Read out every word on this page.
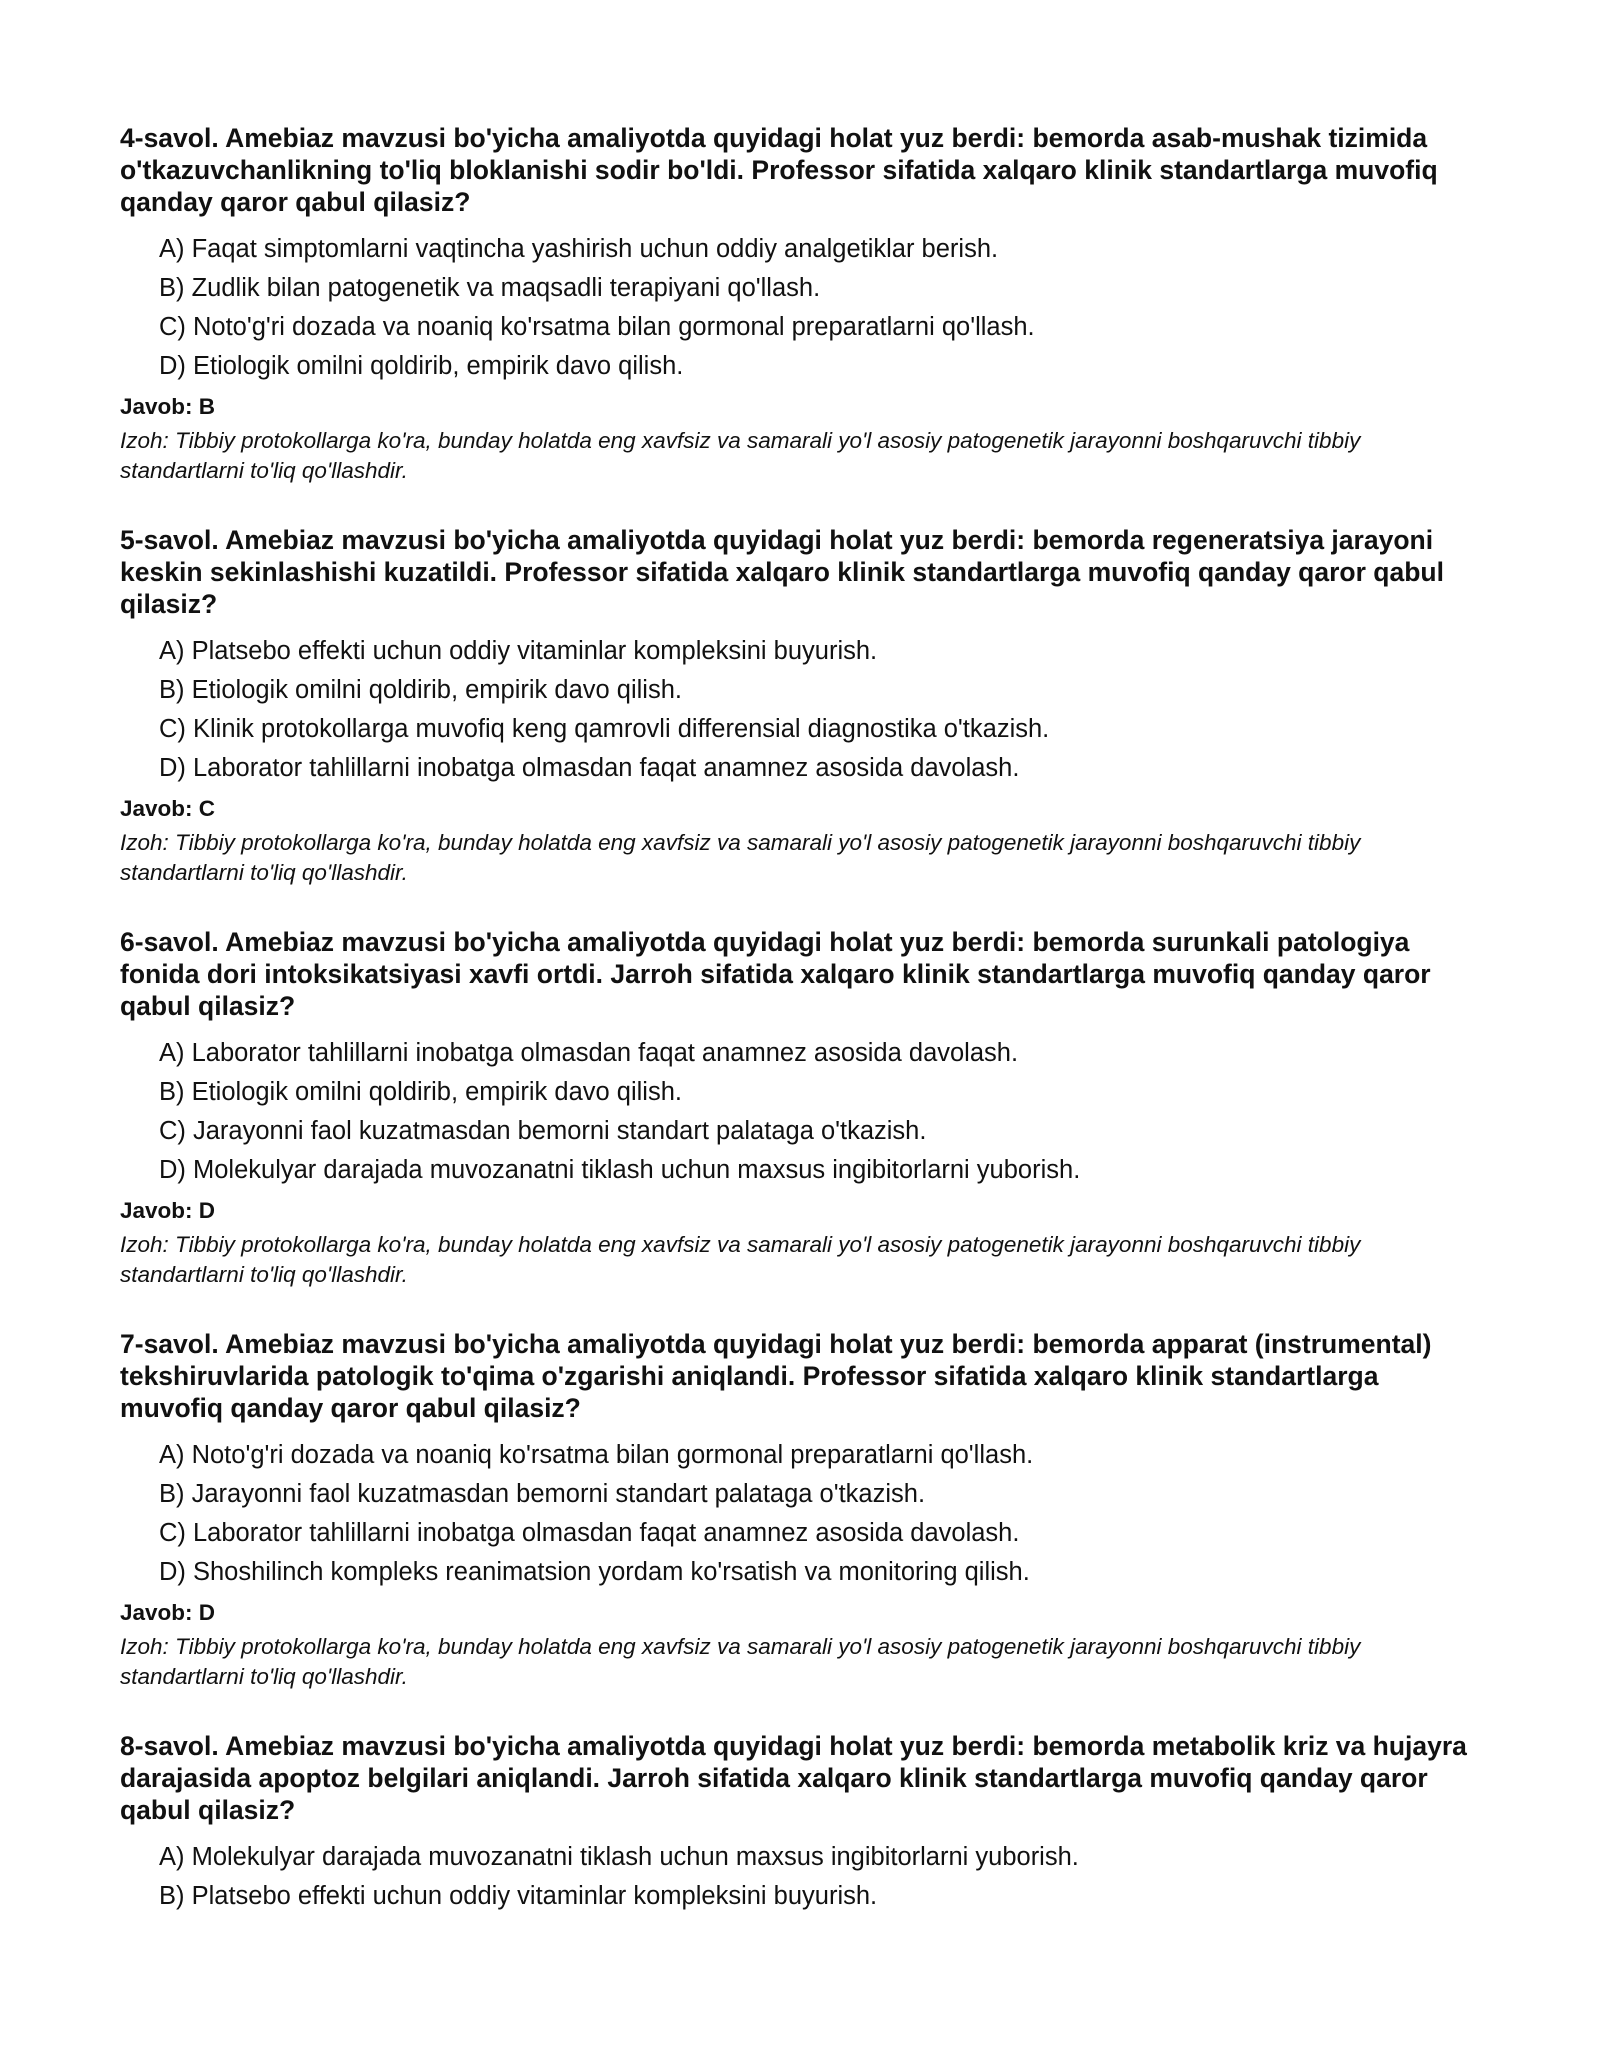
4-savol. Amebiaz mavzusi bo'yicha amaliyotda quyidagi holat yuz berdi: bemorda asab-mushak tizimida o'tkazuvchanlikning to'liq bloklanishi sodir bo'ldi. Professor sifatida xalqaro klinik standartlarga muvofiq qanday qaror qabul qilasiz?

A) Faqat simptomlarni vaqtincha yashirish uchun oddiy analgetiklar berish.
B) Zudlik bilan patogenetik va maqsadli terapiyani qo'llash.
C) Noto'g'ri dozada va noaniq ko'rsatma bilan gormonal preparatlarni qo'llash.
D) Etiologik omilni qoldirib, empirik davo qilish.

Javob: B

Izoh: Tibbiy protokollarga ko'ra, bunday holatda eng xavfsiz va samarali yo'l asosiy patogenetik jarayonni boshqaruvchi tibbiy standartlarni to'liq qo'llashdir.

5-savol. Amebiaz mavzusi bo'yicha amaliyotda quyidagi holat yuz berdi: bemorda regeneratsiya jarayoni keskin sekinlashishi kuzatildi. Professor sifatida xalqaro klinik standartlarga muvofiq qanday qaror qabul qilasiz?

A) Platsebo effekti uchun oddiy vitaminlar kompleksini buyurish.
B) Etiologik omilni qoldirib, empirik davo qilish.
C) Klinik protokollarga muvofiq keng qamrovli differensial diagnostika o'tkazish.
D) Laborator tahlillarni inobatga olmasdan faqat anamnez asosida davolash.

Javob: C

Izoh: Tibbiy protokollarga ko'ra, bunday holatda eng xavfsiz va samarali yo'l asosiy patogenetik jarayonni boshqaruvchi tibbiy standartlarni to'liq qo'llashdir.

6-savol. Amebiaz mavzusi bo'yicha amaliyotda quyidagi holat yuz berdi: bemorda surunkali patologiya fonida dori intoksikatsiyasi xavfi ortdi. Jarroh sifatida xalqaro klinik standartlarga muvofiq qanday qaror qabul qilasiz?

A) Laborator tahlillarni inobatga olmasdan faqat anamnez asosida davolash.
B) Etiologik omilni qoldirib, empirik davo qilish.
C) Jarayonni faol kuzatmasdan bemorni standart palataga o'tkazish.
D) Molekulyar darajada muvozanatni tiklash uchun maxsus ingibitorlarni yuborish.

Javob: D

Izoh: Tibbiy protokollarga ko'ra, bunday holatda eng xavfsiz va samarali yo'l asosiy patogenetik jarayonni boshqaruvchi tibbiy standartlarni to'liq qo'llashdir.

7-savol. Amebiaz mavzusi bo'yicha amaliyotda quyidagi holat yuz berdi: bemorda apparat (instrumental) tekshiruvlarida patologik to'qima o'zgarishi aniqlandi. Professor sifatida xalqaro klinik standartlarga muvofiq qanday qaror qabul qilasiz?

A) Noto'g'ri dozada va noaniq ko'rsatma bilan gormonal preparatlarni qo'llash.
B) Jarayonni faol kuzatmasdan bemorni standart palataga o'tkazish.
C) Laborator tahlillarni inobatga olmasdan faqat anamnez asosida davolash.
D) Shoshilinch kompleks reanimatsion yordam ko'rsatish va monitoring qilish.

Javob: D

Izoh: Tibbiy protokollarga ko'ra, bunday holatda eng xavfsiz va samarali yo'l asosiy patogenetik jarayonni boshqaruvchi tibbiy standartlarni to'liq qo'llashdir.

8-savol. Amebiaz mavzusi bo'yicha amaliyotda quyidagi holat yuz berdi: bemorda metabolik kriz va hujayra darajasida apoptoz belgilari aniqlandi. Jarroh sifatida xalqaro klinik standartlarga muvofiq qanday qaror qabul qilasiz?

A) Molekulyar darajada muvozanatni tiklash uchun maxsus ingibitorlarni yuborish.
B) Platsebo effekti uchun oddiy vitaminlar kompleksini buyurish.
